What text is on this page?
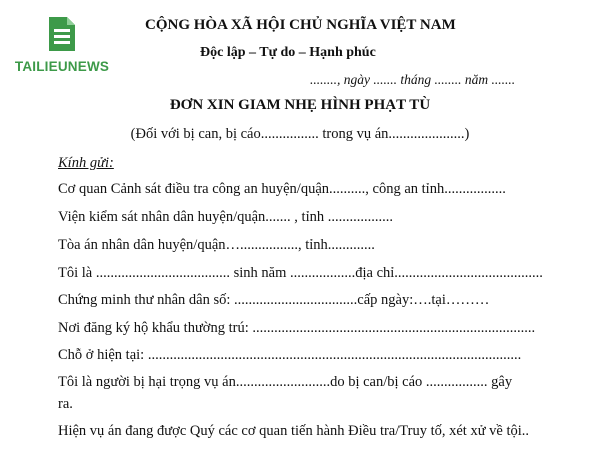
TAILIEUNEWS
CỘNG HÒA XÃ HỘI CHỦ NGHĨA VIỆT NAM
Độc lập – Tự do – Hạnh phúc
........, ngày ....... tháng ........ năm .......
ĐƠN XIN GIAM NHẸ HÌNH PHẠT TÙ
(Đối với bị can, bị cáo................ trong vụ án.....................)
Kính gửi:
Cơ quan Cảnh sát điều tra công an huyện/quận.........., công an tỉnh.................
Viện kiểm sát nhân dân huyện/quận....... , tỉnh ..................
Tòa án nhân dân huyện/quận…................, tỉnh.............
Tôi là ..................................... sinh năm ..................địa chỉ.........................................
Chứng minh thư nhân dân số: ..................................cấp ngày:….tại………
Nơi đăng ký hộ khẩu thường trú: ..............................................................................
Chỗ ở hiện tại: .......................................................................................................
Tôi là người bị hại trọng vụ án..........................do bị can/bị cáo ................. gây
ra.
Hiện vụ án đang được Quý các cơ quan tiến hành Điều tra/Truy tố, xét xử về tội..
